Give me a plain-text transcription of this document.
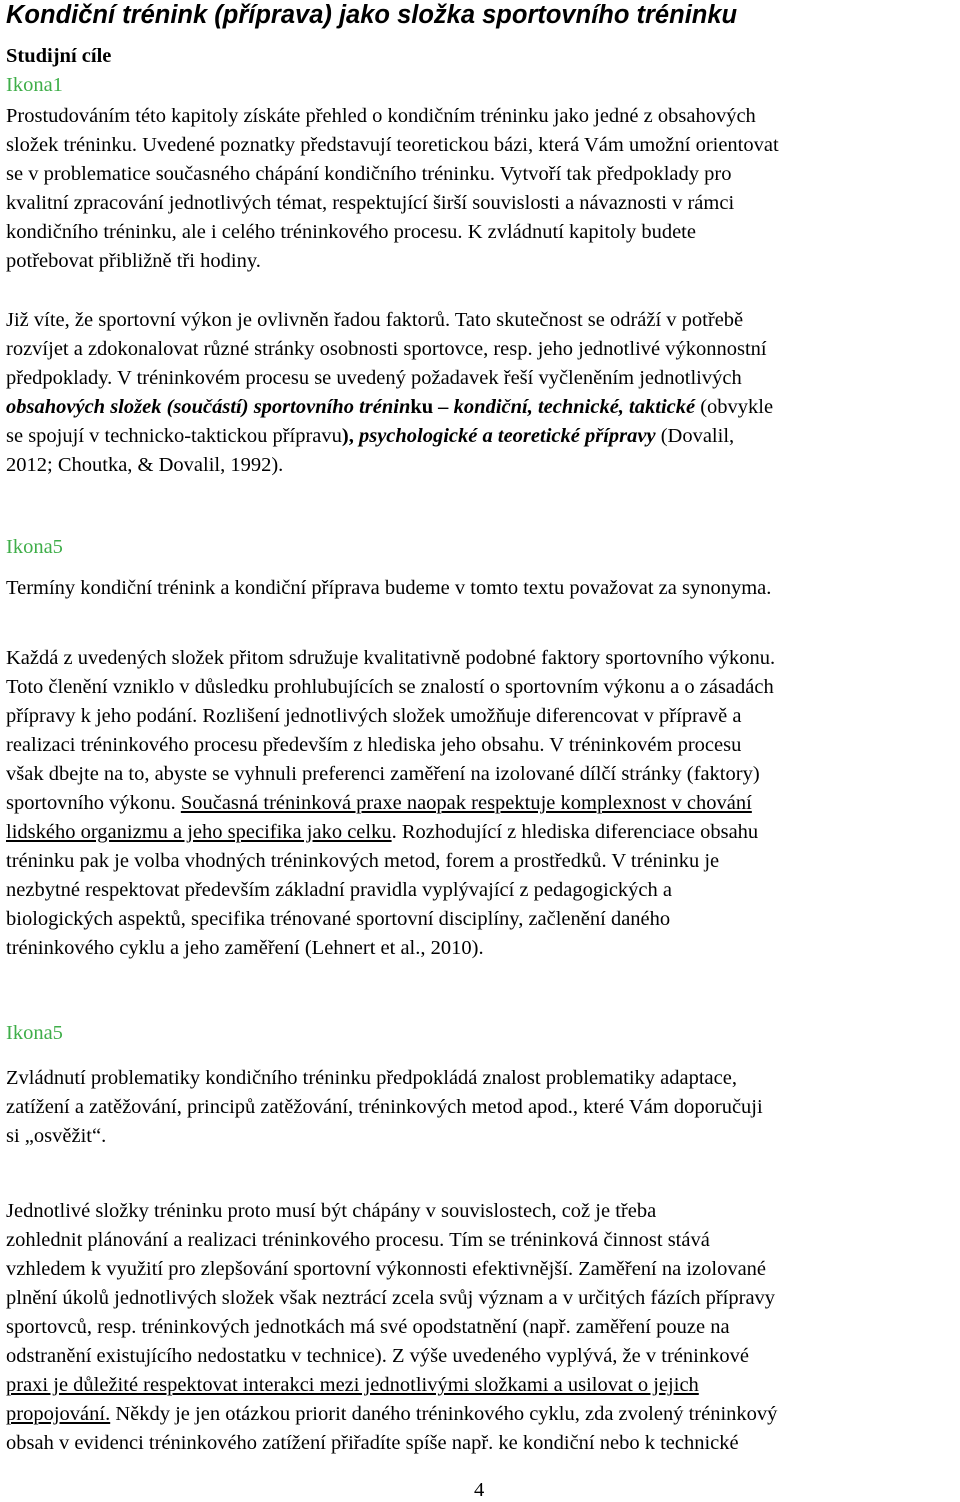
Kondiční trénink (příprava) jako složka sportovního tréninku
Studijní cíle
Ikona1
Prostudováním této kapitoly získáte přehled o kondičním tréninku jako jedné z obsahových
složek tréninku. Uvedené poznatky představují teoretickou bázi, která Vám umožní orientovat
se v problematice současného chápání kondičního tréninku. Vytvoří tak předpoklady pro
kvalitní zpracování jednotlivých témat, respektující širší souvislosti a návaznosti v rámci
kondičního tréninku, ale i celého tréninkového procesu. K zvládnutí kapitoly budete
potřebovat přibližně tři hodiny.
Již víte, že sportovní výkon je ovlivněn řadou faktorů. Tato skutečnost se odráží v potřebě
rozvíjet a zdokonalovat různé stránky osobnosti sportovce, resp. jeho jednotlivé výkonnostní
předpoklady. V tréninkovém procesu se uvedený požadavek řeší vyčleněním jednotlivých
obsahových složek (součástí) sportovního tréninku – kondiční, technické, taktické (obvykle
se spojují v technicko-taktickou přípravu), psychologické a teoretické přípravy (Dovalil,
2012; Choutka, & Dovalil, 1992).
Ikona5
Termíny kondiční trénink a kondiční příprava budeme v tomto textu považovat za synonyma.
Každá z uvedených složek přitom sdružuje kvalitativně podobné faktory sportovního výkonu.
Toto členění vzniklo v důsledku prohlubujících se znalostí o sportovním výkonu a o zásadách
přípravy k jeho podání. Rozlišení jednotlivých složek umožňuje diferencovat v přípravě a
realizaci tréninkového procesu především z hlediska jeho obsahu. V tréninkovém procesu
však dbejte na to, abyste se vyhnuli preferenci zaměření na izolované dílčí stránky (faktory)
sportovního výkonu. Současná tréninková praxe naopak respektuje komplexnost v chování
lidského organizmu a jeho specifika jako celku. Rozhodující z hlediska diferenciace obsahu
tréninku pak je volba vhodných tréninkových metod, forem a prostředků. V tréninku je
nezbytné respektovat především základní pravidla vyplývající z pedagogických a
biologických aspektů, specifika trénované sportovní disciplíny, začlenění daného
tréninkového cyklu a jeho zaměření (Lehnert et al., 2010).
Ikona5
Zvládnutí problematiky kondičního tréninku předpokládá znalost problematiky adaptace,
zatížení a zatěžování, principů zatěžování, tréninkových metod apod., které Vám doporučuji
si „osvěžit“.
Jednotlivé složky tréninku proto musí být chápány v souvislostech, což je třeba
zohlednit plánování a realizaci tréninkového procesu. Tím se tréninková činnost stává
vzhledem k využití pro zlepšování sportovní výkonnosti efektivnější. Zaměření na izolované
plnění úkolů jednotlivých složek však neztrácí zcela svůj význam a v určitých fázích přípravy
sportovců, resp. tréninkových jednotkách má své opodstatnění (např. zaměření pouze na
odstranění existujícího nedostatku v technice). Z výše uvedeného vyplývá, že v tréninkové
praxi je důležité respektovat interakci mezi jednotlivými složkami a usilovat o jejich
propojování. Někdy je jen otázkou priorit daného tréninkového cyklu, zda zvolený tréninkový
obsah v evidenci tréninkového zatížení přiřadíte spíše např. ke kondiční nebo k technické
4
